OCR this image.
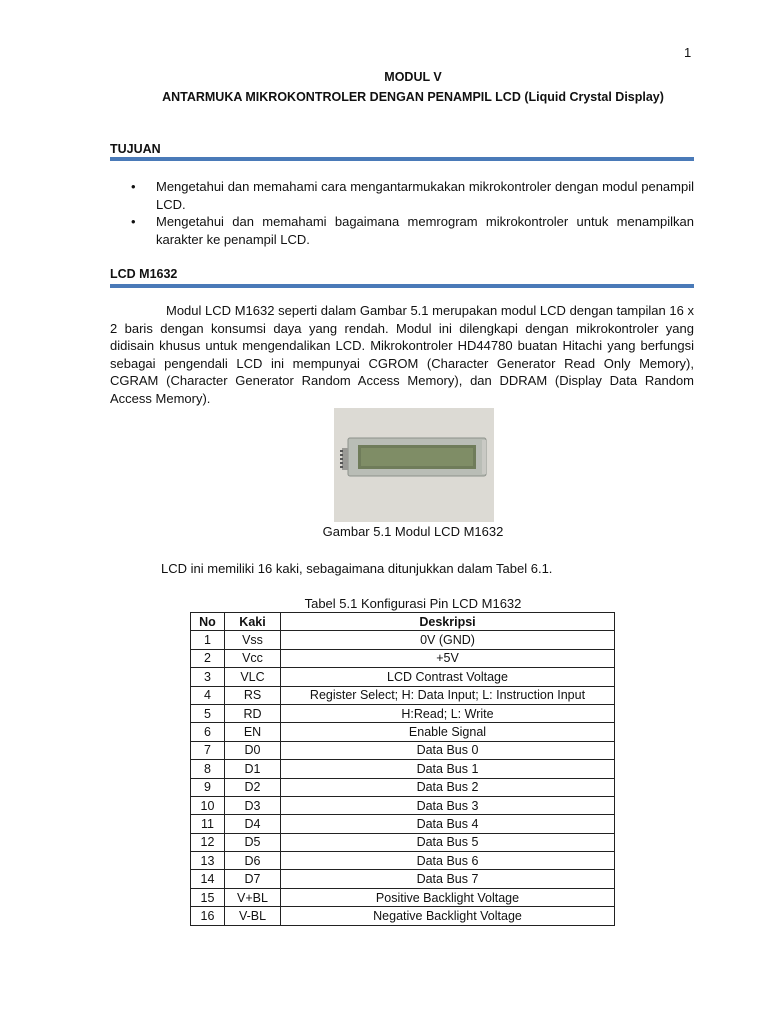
1
MODUL V
ANTARMUKA MIKROKONTROLER DENGAN PENAMPIL LCD (Liquid Crystal Display)
TUJUAN
• Mengetahui dan memahami cara mengantarmukakan mikrokontroler dengan modul penampil LCD.
• Mengetahui dan memahami bagaimana memrogram mikrokontroler untuk menampilkan karakter ke penampil LCD.
LCD M1632
Modul LCD M1632 seperti dalam Gambar 5.1 merupakan modul LCD dengan tampilan 16 x 2 baris dengan konsumsi daya yang rendah. Modul ini dilengkapi dengan mikrokontroler yang didisain khusus untuk mengendalikan LCD. Mikrokontroler HD44780 buatan Hitachi yang berfungsi sebagai pengendali LCD ini mempunyai CGROM (Character Generator Read Only Memory), CGRAM (Character Generator Random Access Memory), dan DDRAM (Display Data Random Access Memory).
Gambar 5.1 Modul LCD M1632
LCD ini memiliki 16 kaki, sebagaimana ditunjukkan dalam Tabel 6.1.
Tabel 5.1 Konfigurasi Pin LCD M1632
No	Kaki	Deskripsi
1	Vss	0V (GND)
2	Vcc	+5V
3	VLC	LCD Contrast Voltage
4	RS	Register Select; H: Data Input; L: Instruction Input
5	RD	H:Read; L: Write
6	EN	Enable Signal
7	D0	Data Bus 0
8	D1	Data Bus 1
9	D2	Data Bus 2
10	D3	Data Bus 3
11	D4	Data Bus 4
12	D5	Data Bus 5
13	D6	Data Bus 6
14	D7	Data Bus 7
15	V+BL	Positive Backlight Voltage
16	V-BL	Negative Backlight Voltage
